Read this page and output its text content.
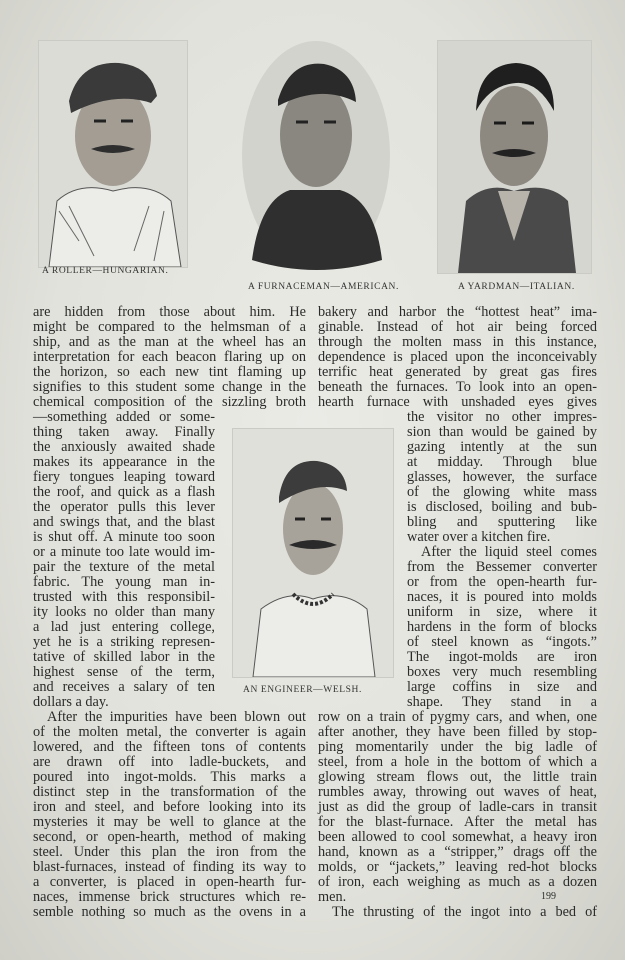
A ROLLER—HUNGARIAN.
A FURNACEMAN—AMERICAN.	A YARDMAN—ITALIAN.
AN ENGINEER—WELSH.
are hidden from those about him. He
might be compared to the helmsman of a
ship, and as the man at the wheel has an
interpretation for each beacon flaring up on
the horizon, so each new tint flaming up
signifies to this student some change in the
chemical composition of the sizzling broth
—something added or some-
thing taken away. Finally
the anxiously awaited shade
makes its appearance in the
fiery tongues leaping toward
the roof, and quick as a flash
the operator pulls this lever
and swings that, and the blast
is shut off. A minute too soon
or a minute too late would im-
pair the texture of the metal
fabric. The young man in-
trusted with this responsibil-
ity looks no older than many
a lad just entering college,
yet he is a striking represen-
tative of skilled labor in the
highest sense of the term,
and receives a salary of ten
dollars a day.
After the impurities have been blown out
of the molten metal, the converter is again
lowered, and the fifteen tons of contents
are drawn off into ladle-buckets, and
poured into ingot-molds. This marks a
distinct step in the transformation of the
iron and steel, and before looking into its
mysteries it may be well to glance at the
second, or open-hearth, method of making
steel. Under this plan the iron from the
blast-furnaces, instead of finding its way to
a converter, is placed in open-hearth fur-
naces, immense brick structures which re-
semble nothing so much as the ovens in a
bakery and harbor the “hottest heat” ima-
ginable. Instead of hot air being forced
through the molten mass in this instance,
dependence is placed upon the inconceivably
terrific heat generated by great gas fires
beneath the furnaces. To look into an open-
hearth furnace with unshaded eyes gives
the visitor no other impres-
sion than would be gained by
gazing intently at the sun
at midday. Through blue
glasses, however, the surface
of the glowing white mass
is disclosed, boiling and bub-
bling and sputtering like
water over a kitchen fire.
After the liquid steel comes
from the Bessemer converter
or from the open-hearth fur-
naces, it is poured into molds
uniform in size, where it
hardens in the form of blocks
of steel known as “ingots.”
The ingot-molds are iron
boxes very much resembling
large coffins in size and
shape. They stand in a
row on a train of pygmy cars, and when, one
after another, they have been filled by stop-
ping momentarily under the big ladle of
steel, from a hole in the bottom of which a
glowing stream flows out, the little train
rumbles away, throwing out waves of heat,
just as did the group of ladle-cars in transit
for the blast-furnace. After the metal has
been allowed to cool somewhat, a heavy iron
hand, known as a “stripper,” drags off the
molds, or “jackets,” leaving red-hot blocks
of iron, each weighing as much as a dozen
men.
The thrusting of the ingot into a bed of
199
